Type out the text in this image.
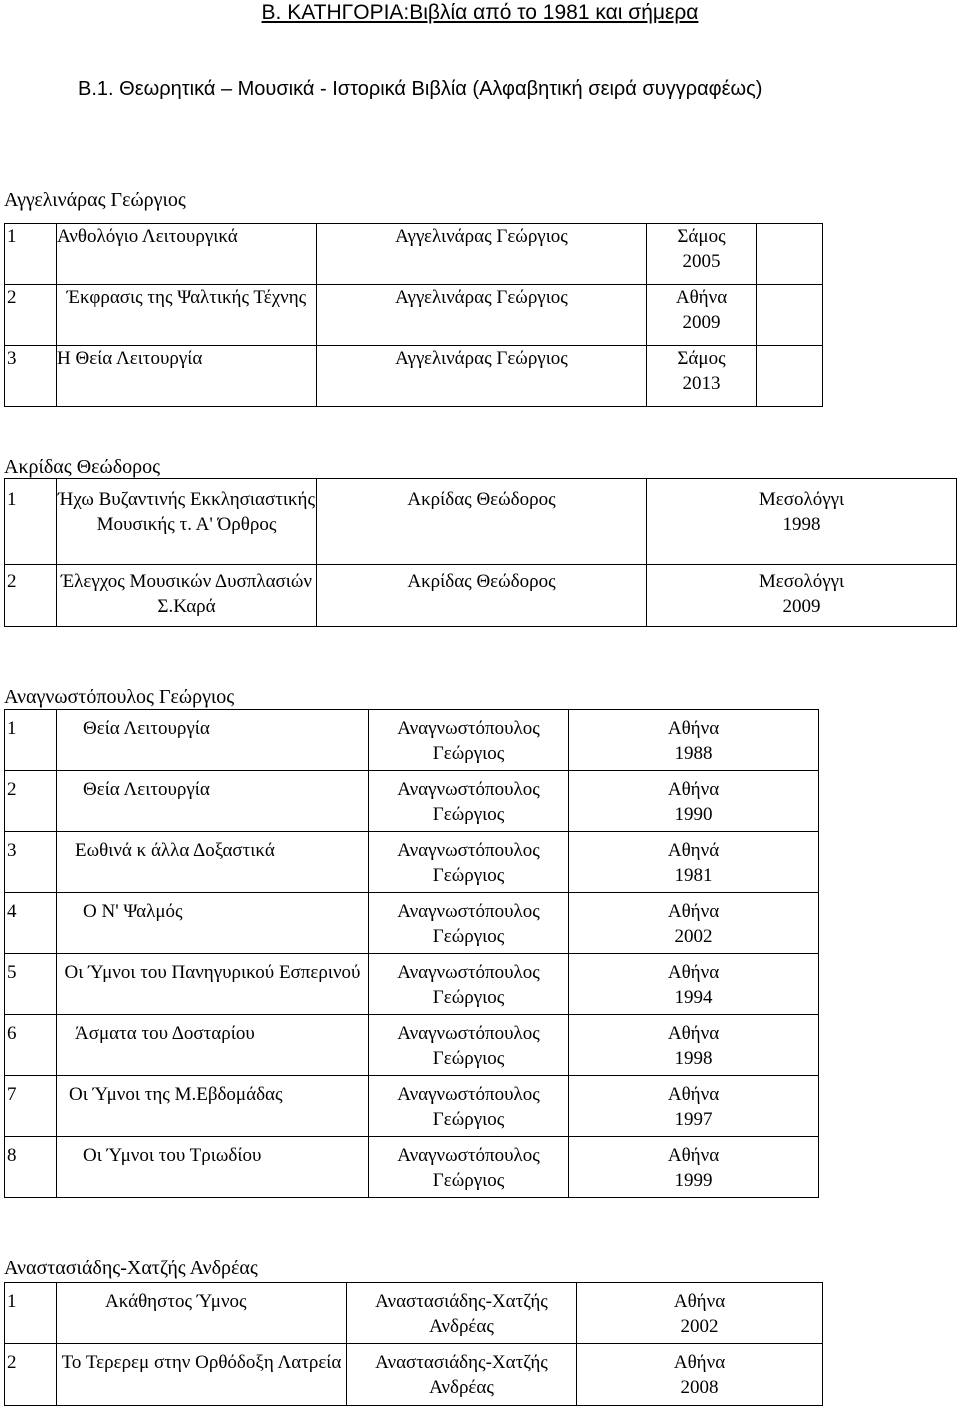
Β. ΚΑΤΗΓΟΡΙΑ:Βιβλία από το 1981 και σήμερα
Β.1. Θεωρητικά – Μουσικά - Ιστορικά Βιβλία (Αλφαβητική σειρά συγγραφέως)
Αγγελινάρας Γεώργιος
1	Ανθολόγιο Λειτουργικά	Αγγελινάρας Γεώργιος	Σάμος
2005	

2	Έκφρασις της Ψαλτικής Τέχνης	Αγγελινάρας Γεώργιος	Αθήνα
2009	

3	Η Θεία Λειτουργία	Αγγελινάρας Γεώργιος	Σάμος
2013	

Ακρίδας Θεώδορος
1	Ήχω Βυζαντινής Εκκλησιαστικής Μουσικής τ. Α' Όρθρος	Ακρίδας Θεώδορος	Μεσολόγγι
1998

2	Έλεγχος Μουσικών Δυσπλασιών Σ.Καρά	Ακρίδας Θεώδορος	Μεσολόγγι
2009
Αναγνωστόπουλος Γεώργιος
1	Θεία Λειτουργία	Αναγνωστόπουλος Γεώργιος	Αθήνα
1988

2	Θεία Λειτουργία	Αναγνωστόπουλος Γεώργιος	Αθήνα
1990

3	Εωθινά κ άλλα Δοξαστικά	Αναγνωστόπουλος Γεώργιος	Αθηνά
1981

4	Ο Ν' Ψαλμός	Αναγνωστόπουλος Γεώργιος	Αθήνα
2002

5	Οι Ύμνοι του Πανηγυρικού Εσπερινού	Αναγνωστόπουλος Γεώργιος	Αθήνα
1994

6	Άσματα του Δοσταρίου	Αναγνωστόπουλος Γεώργιος	Αθήνα
1998

7	Οι Ύμνοι της Μ.Εβδομάδας	Αναγνωστόπουλος Γεώργιος	Αθήνα
1997

8	Οι Ύμνοι του Τριωδίου	Αναγνωστόπουλος Γεώργιος	Αθήνα
1999
Αναστασιάδης-Χατζής Ανδρέας
1	Ακάθηστος Ύμνος	Αναστασιάδης-Χατζής Ανδρέας	Αθήνα
2002

2	Το Τερερεμ στην Ορθόδοξη Λατρεία	Αναστασιάδης-Χατζής Ανδρέας	Αθήνα
2008
